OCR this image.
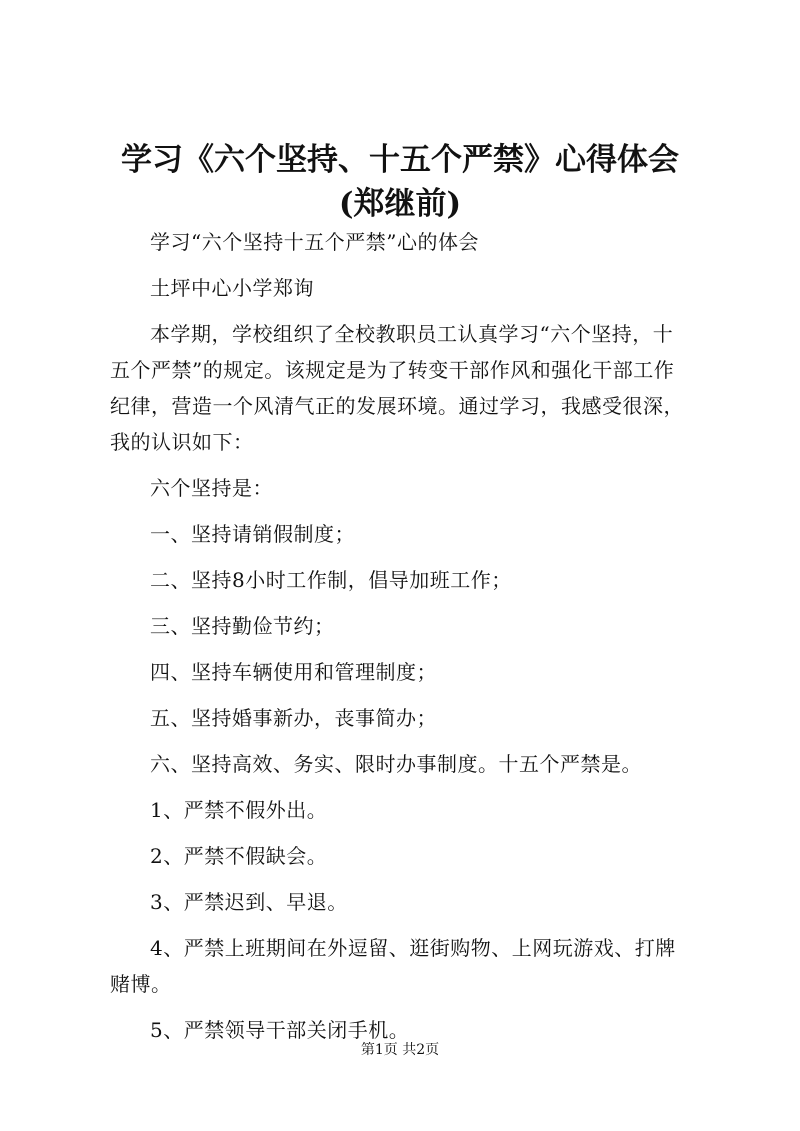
学习《六个坚持、十五个严禁》心得体会(郑继前)

学习“六个坚持十五个严禁”心的体会

土坪中心小学郑询

本学期，学校组织了全校教职员工认真学习“六个坚持，十五个严禁”的规定。该规定是为了转变干部作风和强化干部工作纪律，营造一个风清气正的发展环境。通过学习，我感受很深，我的认识如下：

六个坚持是：

一、坚持请销假制度；

二、坚持8小时工作制，倡导加班工作；

三、坚持勤俭节约；

四、坚持车辆使用和管理制度；

五、坚持婚事新办，丧事简办；

六、坚持高效、务实、限时办事制度。十五个严禁是。

1、严禁不假外出。

2、严禁不假缺会。

3、严禁迟到、早退。

4、严禁上班期间在外逗留、逛街购物、上网玩游戏、打牌赌博。

5、严禁领导干部关闭手机。

第1页 共2页
